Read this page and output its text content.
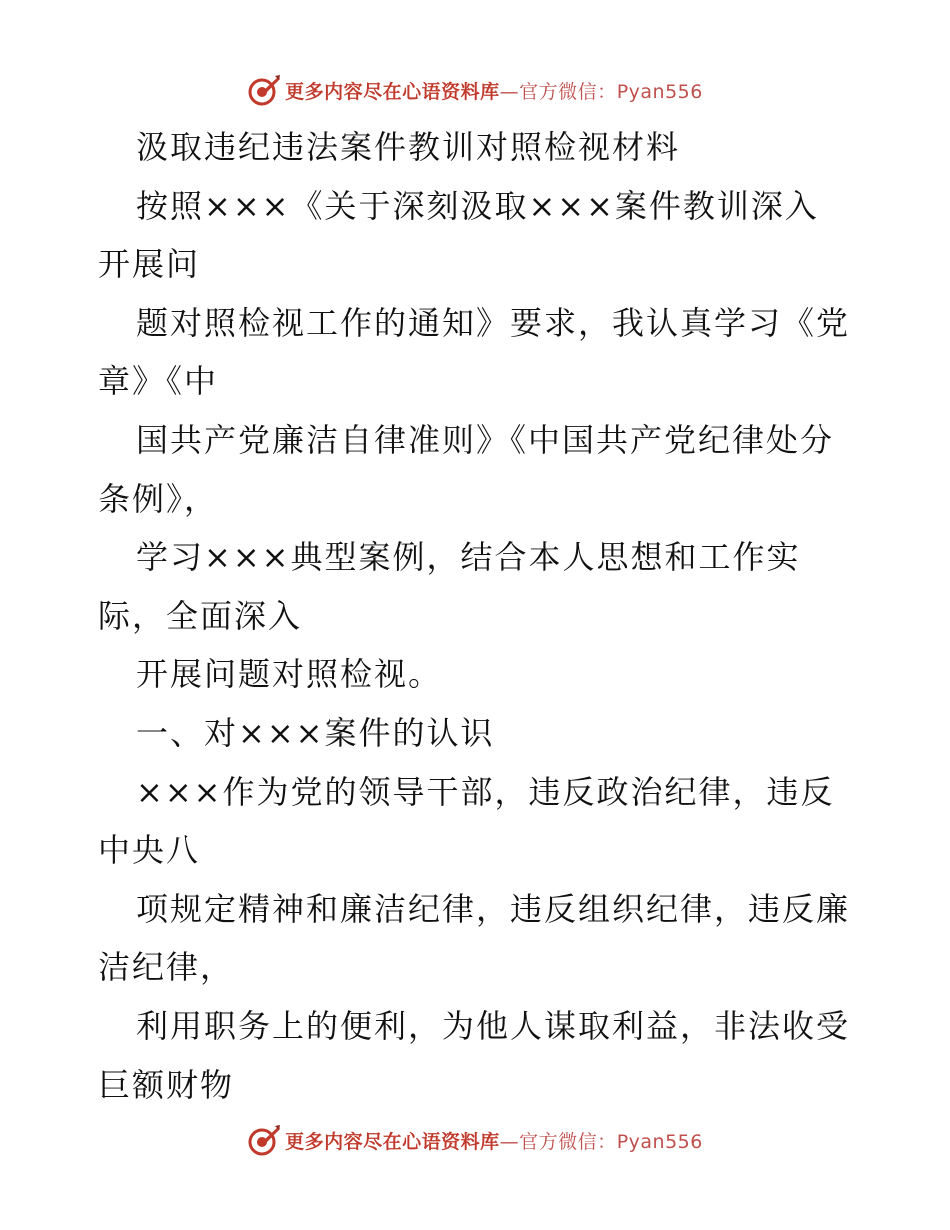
更多内容尽在心语资料库—官方微信：Pyan556
汲取违纪违法案件教训对照检视材料
按照×××《关于深刻汲取×××案件教训深入
开展问
题对照检视工作的通知》要求，我认真学习《党
章》《中
国共产党廉洁自律准则》《中国共产党纪律处分
条例》，
学习×××典型案例，结合本人思想和工作实
际，全面深入
开展问题对照检视。
一、对×××案件的认识
×××作为党的领导干部，违反政治纪律，违反
中央八
项规定精神和廉洁纪律，违反组织纪律，违反廉
洁纪律，
利用职务上的便利，为他人谋取利益，非法收受
巨额财物
更多内容尽在心语资料库—官方微信：Pyan556
